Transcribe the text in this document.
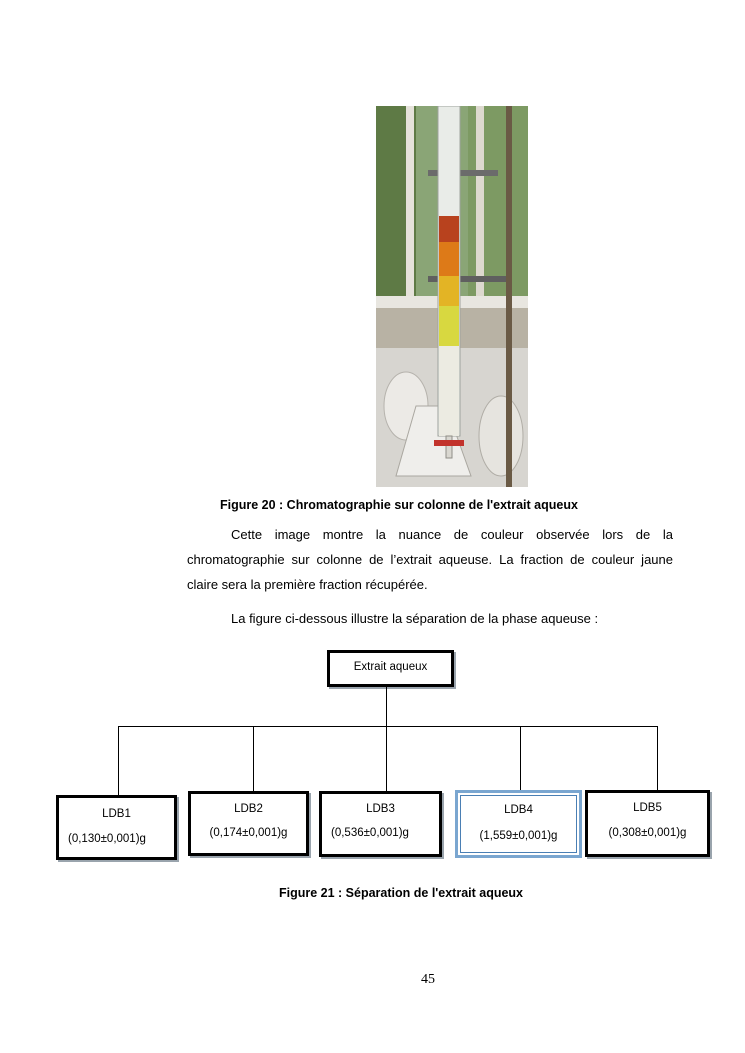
Figure 20 : Chromatographie sur colonne de l'extrait aqueux
Cette image montre la nuance de couleur observée lors de la
chromatographie sur colonne de l’extrait aqueuse. La fraction de couleur jaune
claire sera la première fraction récupérée.
La figure ci-dessous illustre la séparation de la phase aqueuse :
Extrait aqueux
LDB1
(0,130±0,001)g
LDB2
(0,174±0,001)g
LDB3
(0,536±0,001)g
LDB4
(1,559±0,001)g
LDB5
(0,308±0,001)g
Figure 21 : Séparation de l'extrait aqueux
45
